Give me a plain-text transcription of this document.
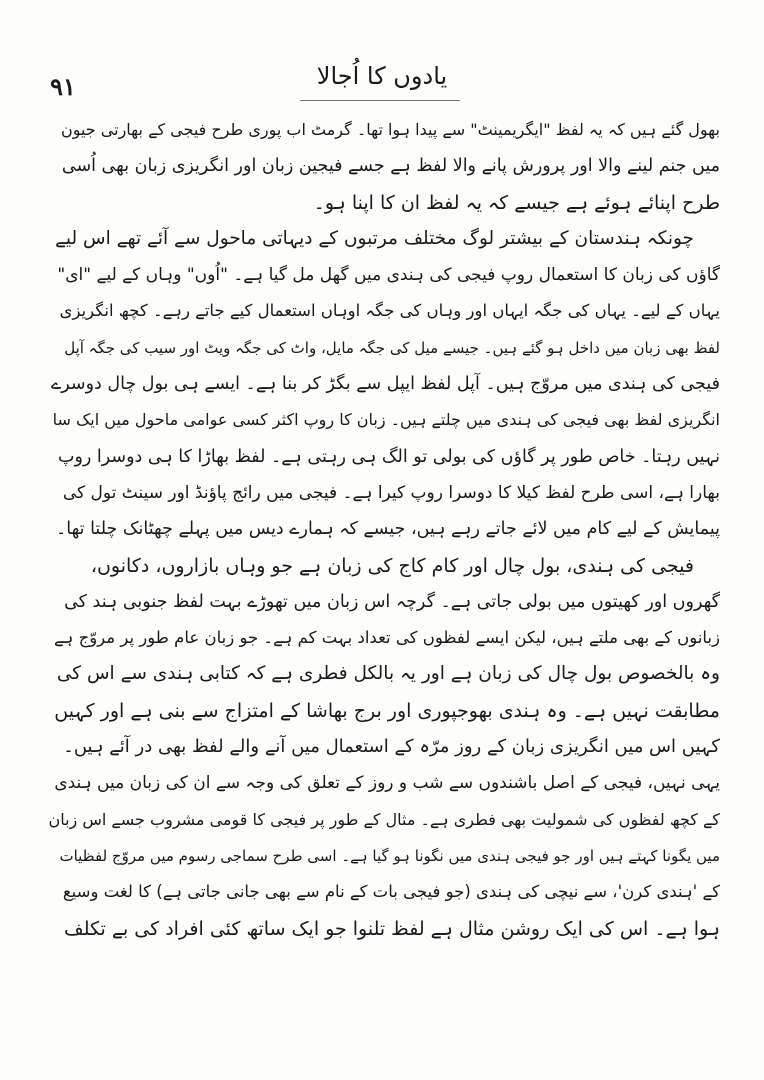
۹۱	یادوں کا اُجالا
بھول گئے ہیں کہ یہ لفظ "ایگریمینٹ" سے پیدا ہوا تھا۔ گرمٹ اب پوری طرح فیجی کے بھارتی جیون
میں جنم لینے والا اور پرورش پانے والا لفظ ہے جسے فیجین زبان اور انگریزی زبان بھی اُسی
طرح اپنائے ہوئے ہے جیسے کہ یہ لفظ ان کا اپنا ہو۔
چونکہ ہندستان کے بیشتر لوگ مختلف مرتبوں کے دیہاتی ماحول سے آئے تھے اس لیے
گاؤں کی زبان کا استعمال روپ فیجی کی ہندی میں گھل مل گیا ہے۔ "اُوں" وہاں کے لیے "ای"
یہاں کے لیے۔ یہاں کی جگہ ایہاں اور وہاں کی جگہ اوہاں استعمال کیے جاتے رہے۔ کچھ انگریزی
لفظ بھی زبان میں داخل ہو گئے ہیں۔ جیسے میل کی جگہ مایل، واٹ کی جگہ ویٹ اور سیب کی جگہ آپل
فیجی کی ہندی میں مروّج ہیں۔ آپل لفظ ایپل سے بگڑ کر بنا ہے۔ ایسے ہی بول چال دوسرے
انگریزی لفظ بھی فیجی کی ہندی میں چلتے ہیں۔ زبان کا روپ اکثر کسی عوامی ماحول میں ایک سا
نہیں رہتا۔ خاص طور پر گاؤں کی بولی تو الگ ہی رہتی ہے۔ لفظ بھاڑا کا ہی دوسرا روپ
بھارا ہے، اسی طرح لفظ کیلا کا دوسرا روپ کیرا ہے۔ فیجی میں رائج پاؤنڈ اور سینٹ تول کی
پیمایش کے لیے کام میں لائے جاتے رہے ہیں، جیسے کہ ہمارے دیس میں پہلے چھٹانک چلتا تھا۔
فیجی کی ہندی، بول چال اور کام کاج کی زبان ہے جو وہاں بازاروں، دکانوں،
گھروں اور کھیتوں میں بولی جاتی ہے۔ گرچہ اس زبان میں تھوڑے بہت لفظ جنوبی ہند کی
زبانوں کے بھی ملتے ہیں، لیکن ایسے لفظوں کی تعداد بہت کم ہے۔ جو زبان عام طور پر مروّج ہے
وہ بالخصوص بول چال کی زبان ہے اور یہ بالکل فطری ہے کہ کتابی ہندی سے اس کی
مطابقت نہیں ہے۔ وہ ہندی بھوجپوری اور برج بھاشا کے امتزاج سے بنی ہے اور کہیں
کہیں اس میں انگریزی زبان کے روز مرّہ کے استعمال میں آنے والے لفظ بھی در آئے ہیں۔
یہی نہیں، فیجی کے اصل باشندوں سے شب و روز کے تعلق کی وجہ سے ان کی زبان میں ہندی
کے کچھ لفظوں کی شمولیت بھی فطری ہے۔ مثال کے طور پر فیجی کا قومی مشروب جسے اس زبان
میں یگونا کہتے ہیں اور جو فیجی ہندی میں نگونا ہو گیا ہے۔ اسی طرح سماجی رسوم میں مروّج لفظیات
کے 'ہندی کرن'، سے نیچی کی ہندی (جو فیجی بات کے نام سے بھی جانی جاتی ہے) کا لغت وسیع
ہوا ہے۔ اس کی ایک روشن مثال ہے لفظ تلنوا جو ایک ساتھ کئی افراد کی بے تکلف
